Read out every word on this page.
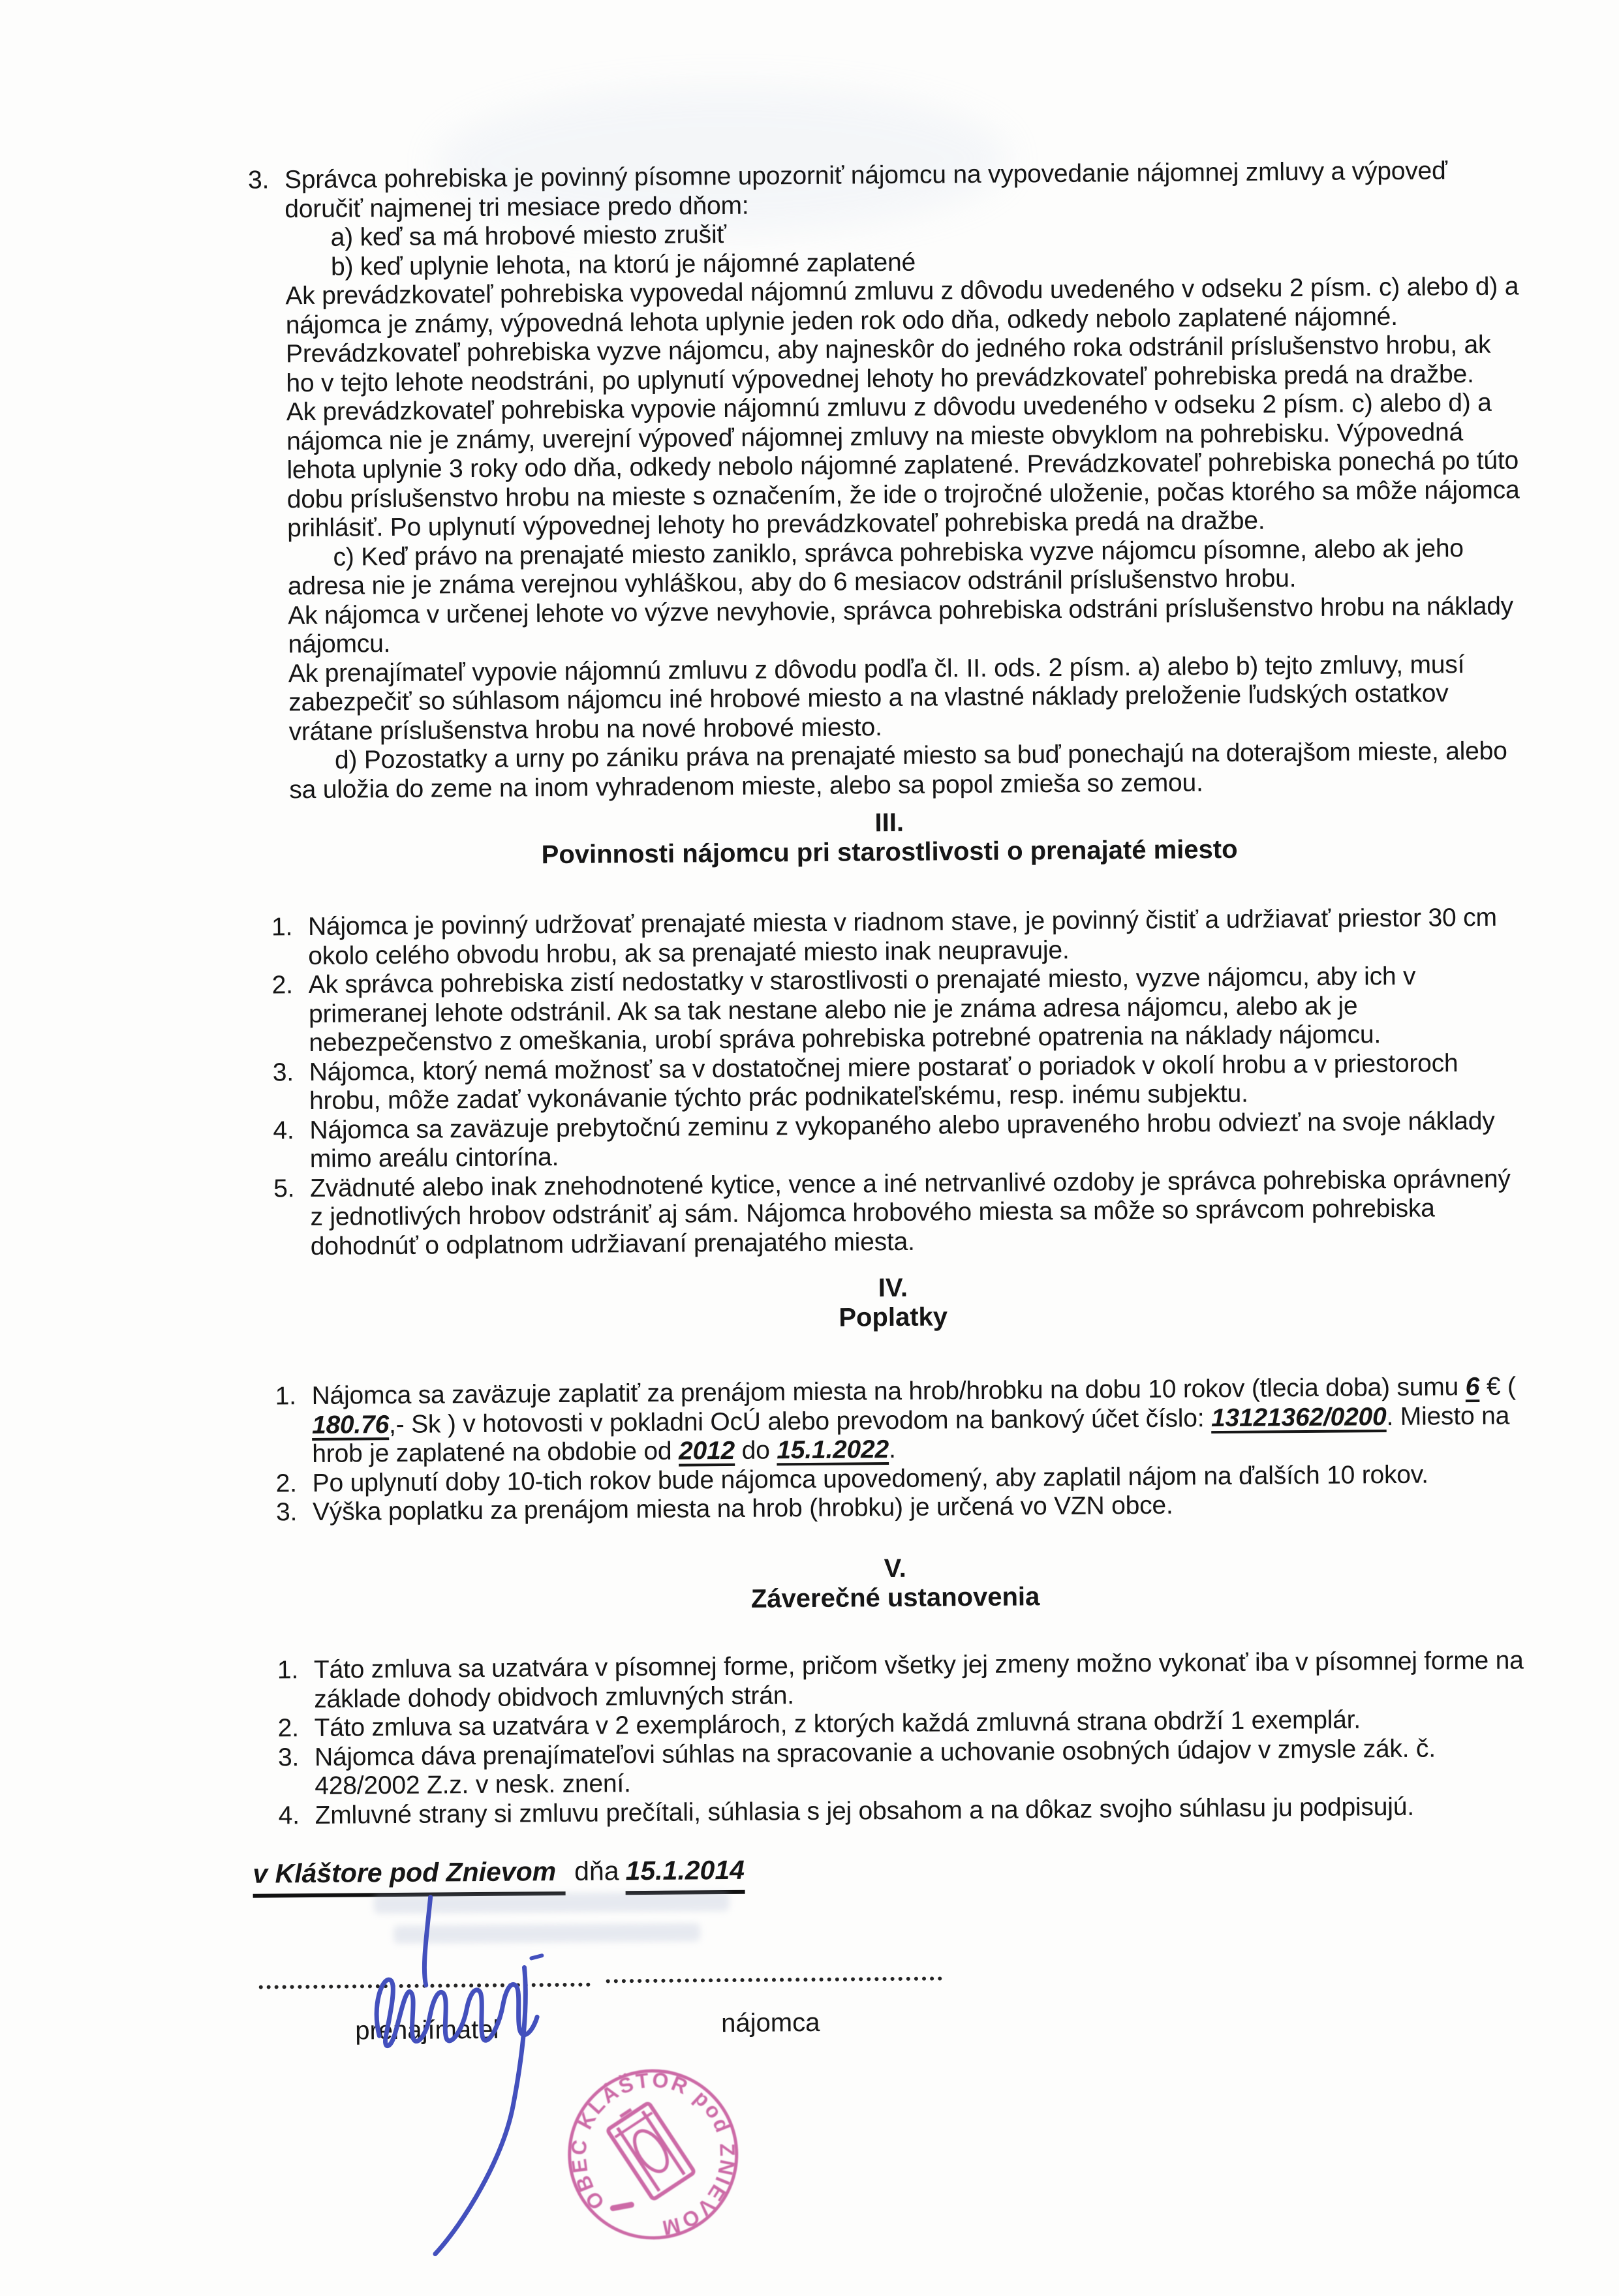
3. Správca pohrebiska je povinný písomne upozorniť nájomcu na vypovedanie nájomnej zmluvy a výpoveď doručiť najmenej tri mesiace predo dňom:

a) keď sa má hrobové miesto zrušiť

b) keď uplynie lehota, na ktorú je nájomné zaplatené

Ak prevádzkovateľ pohrebiska vypovedal nájomnú zmluvu z dôvodu uvedeného v odseku 2 písm. c) alebo d) a nájomca je známy, výpovedná lehota uplynie jeden rok odo dňa, odkedy nebolo zaplatené nájomné. Prevádzkovateľ pohrebiska vyzve nájomcu, aby najneskôr do jedného roka odstránil príslušenstvo hrobu, ak ho v tejto lehote neodstráni, po uplynutí výpovednej lehoty ho prevádzkovateľ pohrebiska predá na dražbe.

Ak prevádzkovateľ pohrebiska vypovie nájomnú zmluvu z dôvodu uvedeného v odseku 2 písm. c) alebo d) a nájomca nie je známy, uverejní výpoveď nájomnej zmluvy na mieste obvyklom na pohrebisku. Výpovedná lehota uplynie 3 roky odo dňa, odkedy nebolo nájomné zaplatené. Prevádzkovateľ pohrebiska ponechá po túto dobu príslušenstvo hrobu na mieste s označením, že ide o trojročné uloženie, počas ktorého sa môže nájomca prihlásiť. Po uplynutí výpovednej lehoty ho prevádzkovateľ pohrebiska predá na dražbe.

c) Keď právo na prenajaté miesto zaniklo, správca pohrebiska vyzve nájomcu písomne, alebo ak jeho adresa nie je známa verejnou vyhláškou, aby do 6 mesiacov odstránil príslušenstvo hrobu.

Ak nájomca v určenej lehote vo výzve nevyhovie, správca pohrebiska odstráni príslušenstvo hrobu na náklady nájomcu.

Ak prenajímateľ vypovie nájomnú zmluvu z dôvodu podľa čl. II. ods. 2 písm. a) alebo b) tejto zmluvy, musí zabezpečiť so súhlasom nájomcu iné hrobové miesto a na vlastné náklady preloženie ľudských ostatkov vrátane príslušenstva hrobu na nové hrobové miesto.

d) Pozostatky a urny po zániku práva na prenajaté miesto sa buď ponechajú na doterajšom mieste, alebo sa uložia do zeme na inom vyhradenom mieste, alebo sa popol zmieša so zemou.

III.
Povinnosti nájomcu pri starostlivosti o prenajaté miesto
1. Nájomca je povinný udržovať prenajaté miesta v riadnom stave, je povinný čistiť a udržiavať priestor 30 cm okolo celého obvodu hrobu, ak sa prenajaté miesto inak neupravuje.
2. Ak správca pohrebiska zistí nedostatky v starostlivosti o prenajaté miesto, vyzve nájomcu, aby ich v primeranej lehote odstránil. Ak sa tak nestane alebo nie je známa adresa nájomcu, alebo ak je nebezpečenstvo z omeškania, urobí správa pohrebiska potrebné opatrenia na náklady nájomcu.
3. Nájomca, ktorý nemá možnosť sa v dostatočnej miere postarať o poriadok v okolí hrobu a v priestoroch hrobu, môže zadať vykonávanie týchto prác podnikateľskému, resp. inému subjektu.
4. Nájomca sa zaväzuje prebytočnú zeminu z vykopaného alebo upraveného hrobu odviezť na svoje náklady mimo areálu cintorína.
5. Zvädnuté alebo inak znehodnotené kytice, vence a iné netrvanlivé ozdoby je správca pohrebiska oprávnený z jednotlivých hrobov odstrániť aj sám. Nájomca hrobového miesta sa môže so správcom pohrebiska dohodnúť o odplatnom udržiavaní prenajatého miesta.
IV.
Poplatky
1. Nájomca sa zaväzuje zaplatiť za prenájom miesta na hrob/hrobku na dobu 10 rokov (tlecia doba) sumu 6 € ( 180.76,- Sk ) v hotovosti v pokladni OcÚ alebo prevodom na bankový účet číslo: 13121362/0200. Miesto na hrob je zaplatené na obdobie od 2012 do 15.1.2022.
2. Po uplynutí doby 10-tich rokov bude nájomca upovedomený, aby zaplatil nájom na ďalších 10 rokov.
3. Výška poplatku za prenájom miesta na hrob (hrobku) je určená vo VZN obce.
V.
Záverečné ustanovenia
1. Táto zmluva sa uzatvára v písomnej forme, pričom všetky jej zmeny možno vykonať iba v písomnej forme na základe dohody obidvoch zmluvných strán.
2. Táto zmluva sa uzatvára v 2 exemplároch, z ktorých každá zmluvná strana obdrží 1 exemplár.
3. Nájomca dáva prenajímateľovi súhlas na spracovanie a uchovanie osobných údajov v zmysle zák. č. 428/2002 Z.z. v nesk. znení.
4. Zmluvné strany si zmluvu prečítali, súhlasia s jej obsahom a na dôkaz svojho súhlasu ju podpisujú.
v Kláštore pod Znievom dňa 15.1.2014
prenajímateľ	nájomca
OBEC KLÁŠTOR pod ZNIEVOM
